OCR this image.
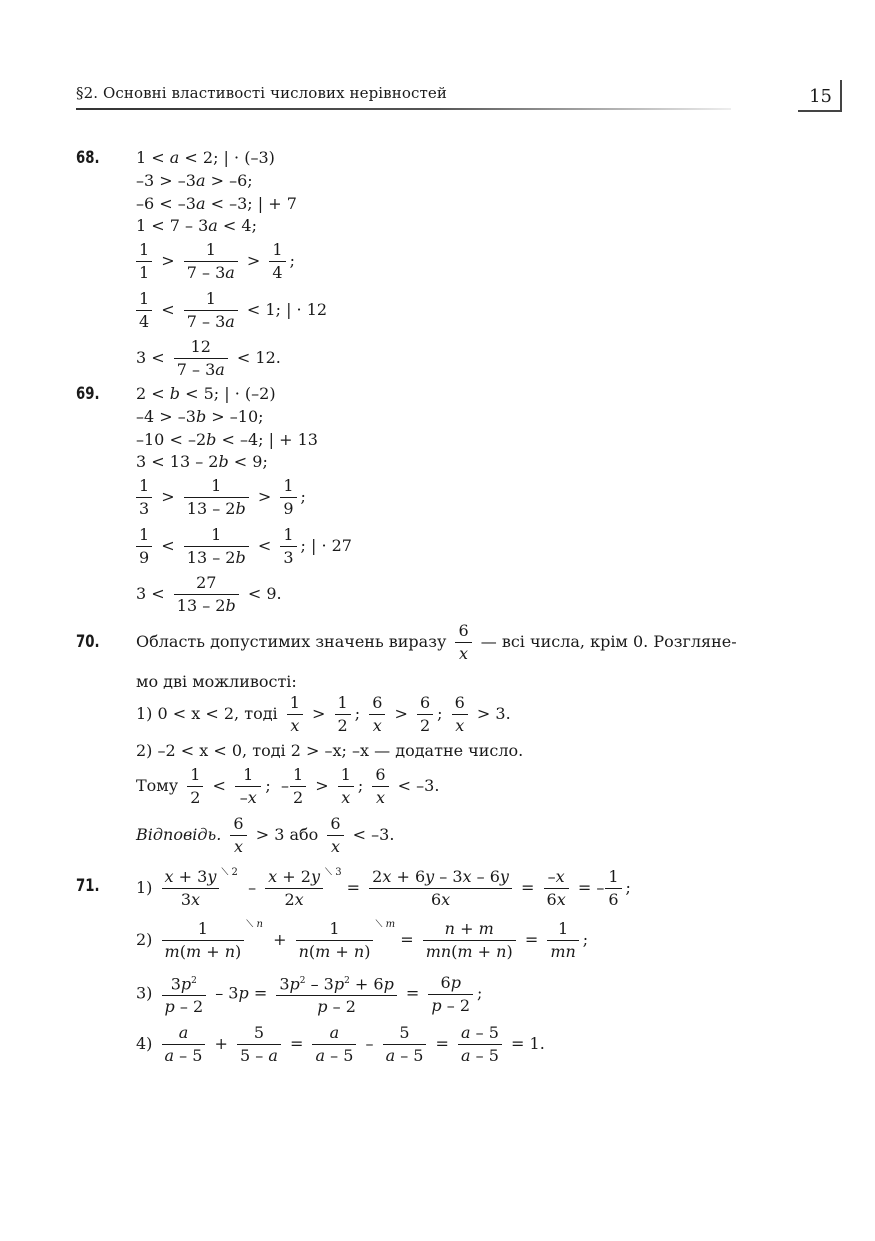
§2. Основні властивості числових нерівностей	15
68. 1 < a < 2; | · (–3)
–3 > –3a > –6;
–6 < –3a < –3; | + 7
1 < 7 – 3a < 4;
$\frac{1}{1} > \frac{1}{7 - 3a} > \frac{1}{4}$ ;
$\frac{1}{4} < \frac{1}{7 - 3a} < 1$; | · 12
$3 < \frac{12}{7 - 3a} < 12$.
69. 2 < b < 5; | · (–2)
–4 > –3b > –10;
–10 < –2b < –4; | + 13
3 < 13 – 2b < 9;
$\frac{1}{3} > \frac{1}{13 - 2b} > \frac{1}{9}$ ;
$\frac{1}{9} < \frac{1}{13 - 2b} < \frac{1}{3}$ ; | · 27
$3 < \frac{27}{13 - 2b} < 9$.
70. Область допустимих значень виразу $\frac{6}{x}$ — всі числа, крім 0. Розгляне-
мо дві можливості:
1) 0 < x < 2, тоді $\frac{1}{x} > \frac{1}{2}$ ; $\frac{6}{x} > \frac{6}{2}$ ; $\frac{6}{x} > 3$.
2) –2 < x < 0, тоді 2 > –x; –x — додатне число.
Тому $\frac{1}{2} < \frac{1}{-x}$ ;  – $\frac{1}{2} > \frac{1}{x}$ ; $\frac{6}{x} < -3$.
Відповідь. $\frac{6}{x} > 3$ або $\frac{6}{x} < -3$.
71. $1) \frac{x + 3y}{3x} ^{⟍ 2} - \frac{x + 2y}{2x} ^{⟍ 3} = \frac{2x + 6y - 3x - 6y}{6x} = \frac{-x}{6x}$ = – $\frac{1}{6}$ ;
$2) \frac{1}{m(m + n)} ^{⟍ n} + \frac{1}{n(m + n)} ^{⟍ m} = \frac{n + m}{mn(m + n)} = \frac{1}{mn}$ ;
$3) \frac{3p^2}{p - 2} - 3p = \frac{3p^2 - 3p^2 + 6p}{p - 2} = \frac{6p}{p - 2}$ ;
$4) \frac{a}{a - 5} + \frac{5}{5 - a} = \frac{a}{a - 5} - \frac{5}{a - 5} = \frac{a - 5}{a - 5} = 1$.
